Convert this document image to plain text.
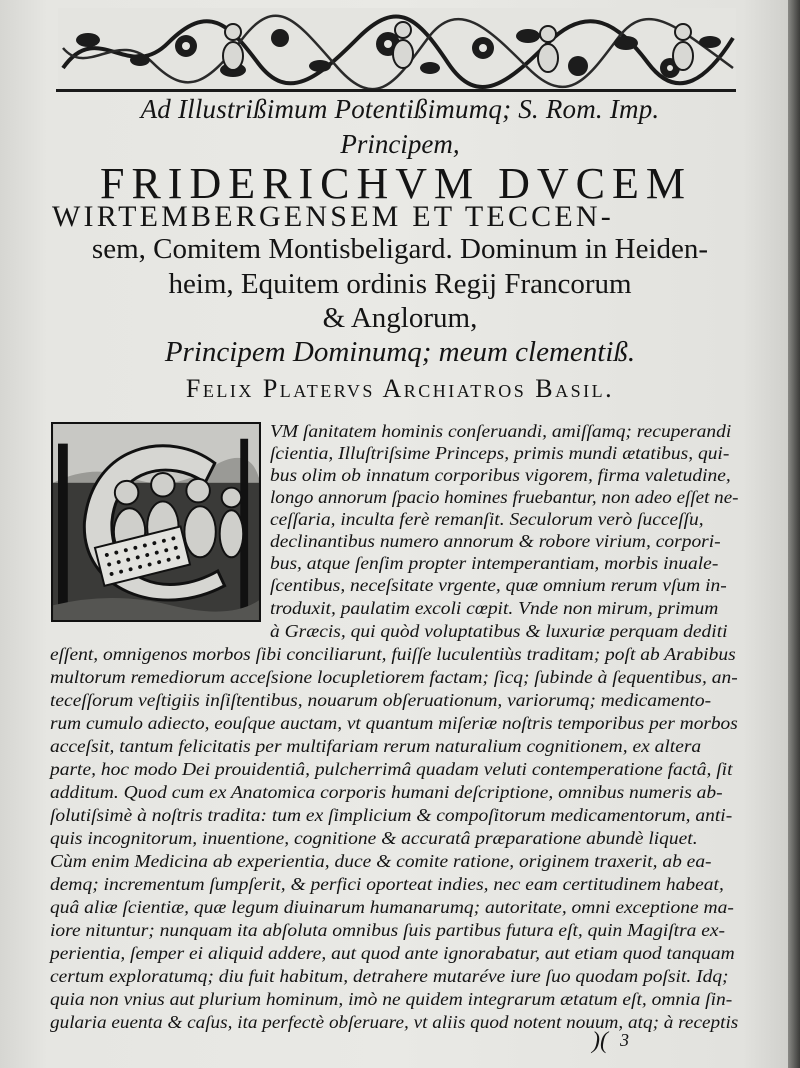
Ad Illustrißimum Potentißimumq; S. Rom. Imp.
Principem,
FRIDERICHVM DVCEM
WIRTEMBERGENSEM ET TECCEN-
sem, Comitem Montisbeligard. Dominum in Heiden-
heim, Equitem ordinis Regij Francorum
& Anglorum,
Principem Dominumq; meum clementiß.
Felix Platervs Archiatros Basil.
VM ſanitatem hominis conſeruandi, amiſſamq; recuperandi
ſcientia, Illuſtriſsime Princeps, primis mundi ætatibus, qui-
bus olim ob innatum corporibus vigorem, firma valetudine,
longo annorum ſpacio homines fruebantur, non adeo eſſet ne-
ceſſaria, inculta ferè remanſit. Seculorum verò ſucceſſu,
declinantibus numero annorum & robore virium, corpori-
bus, atque ſenſim propter intemperantiam, morbis inuale-
ſcentibus, neceſsitate vrgente, quæ omnium rerum vſum in-
troduxit, paulatim excoli cœpit. Vnde non mirum, primum
à Græcis, qui quòd voluptatibus & luxuriæ perquam dediti
eſſent, omnigenos morbos ſibi conciliarunt, fuiſſe luculentiùs traditam; poſt ab Arabibus
multorum remediorum acceſsione locupletiorem factam; ſicq; ſubinde à ſequentibus, an-
teceſſorum veſtigiis inſiſtentibus, nouarum obſeruationum, variorumq; medicamento-
rum cumulo adiecto, eouſque auctam, vt quantum miſeriæ noſtris temporibus per morbos
acceſsit, tantum felicitatis per multifariam rerum naturalium cognitionem, ex altera
parte, hoc modo Dei prouidentiâ, pulcherrimâ quadam veluti contemperatione factâ, ſit
additum. Quod cum ex Anatomica corporis humani deſcriptione, omnibus numeris ab-
ſolutiſsimè à noſtris tradita: tum ex ſimplicium & compoſitorum medicamentorum, anti-
quis incognitorum, inuentione, cognitione & accuratâ præparatione abundè liquet.
Cùm enim Medicina ab experientia, duce & comite ratione, originem traxerit, ab ea-
demq; incrementum ſumpſerit, & perfici oporteat indies, nec eam certitudinem habeat,
quâ aliæ ſcientiæ, quæ legum diuinarum humanarumq; autoritate, omni exceptione ma-
iore nituntur; nunquam ita abſoluta omnibus ſuis partibus futura eſt, quin Magiſtra ex-
perientia, ſemper ei aliquid addere, aut quod ante ignorabatur, aut etiam quod tanquam
certum exploratumq; diu fuit habitum, detrahere mutaréve iure ſuo quodam poſsit. Idq;
quia non vnius aut plurium hominum, imò ne quidem integrarum ætatum eſt, omnia ſin-
gularia euenta & caſus, ita perfectè obſeruare, vt aliis quod notent nouum, atq; à receptis
)( 3
